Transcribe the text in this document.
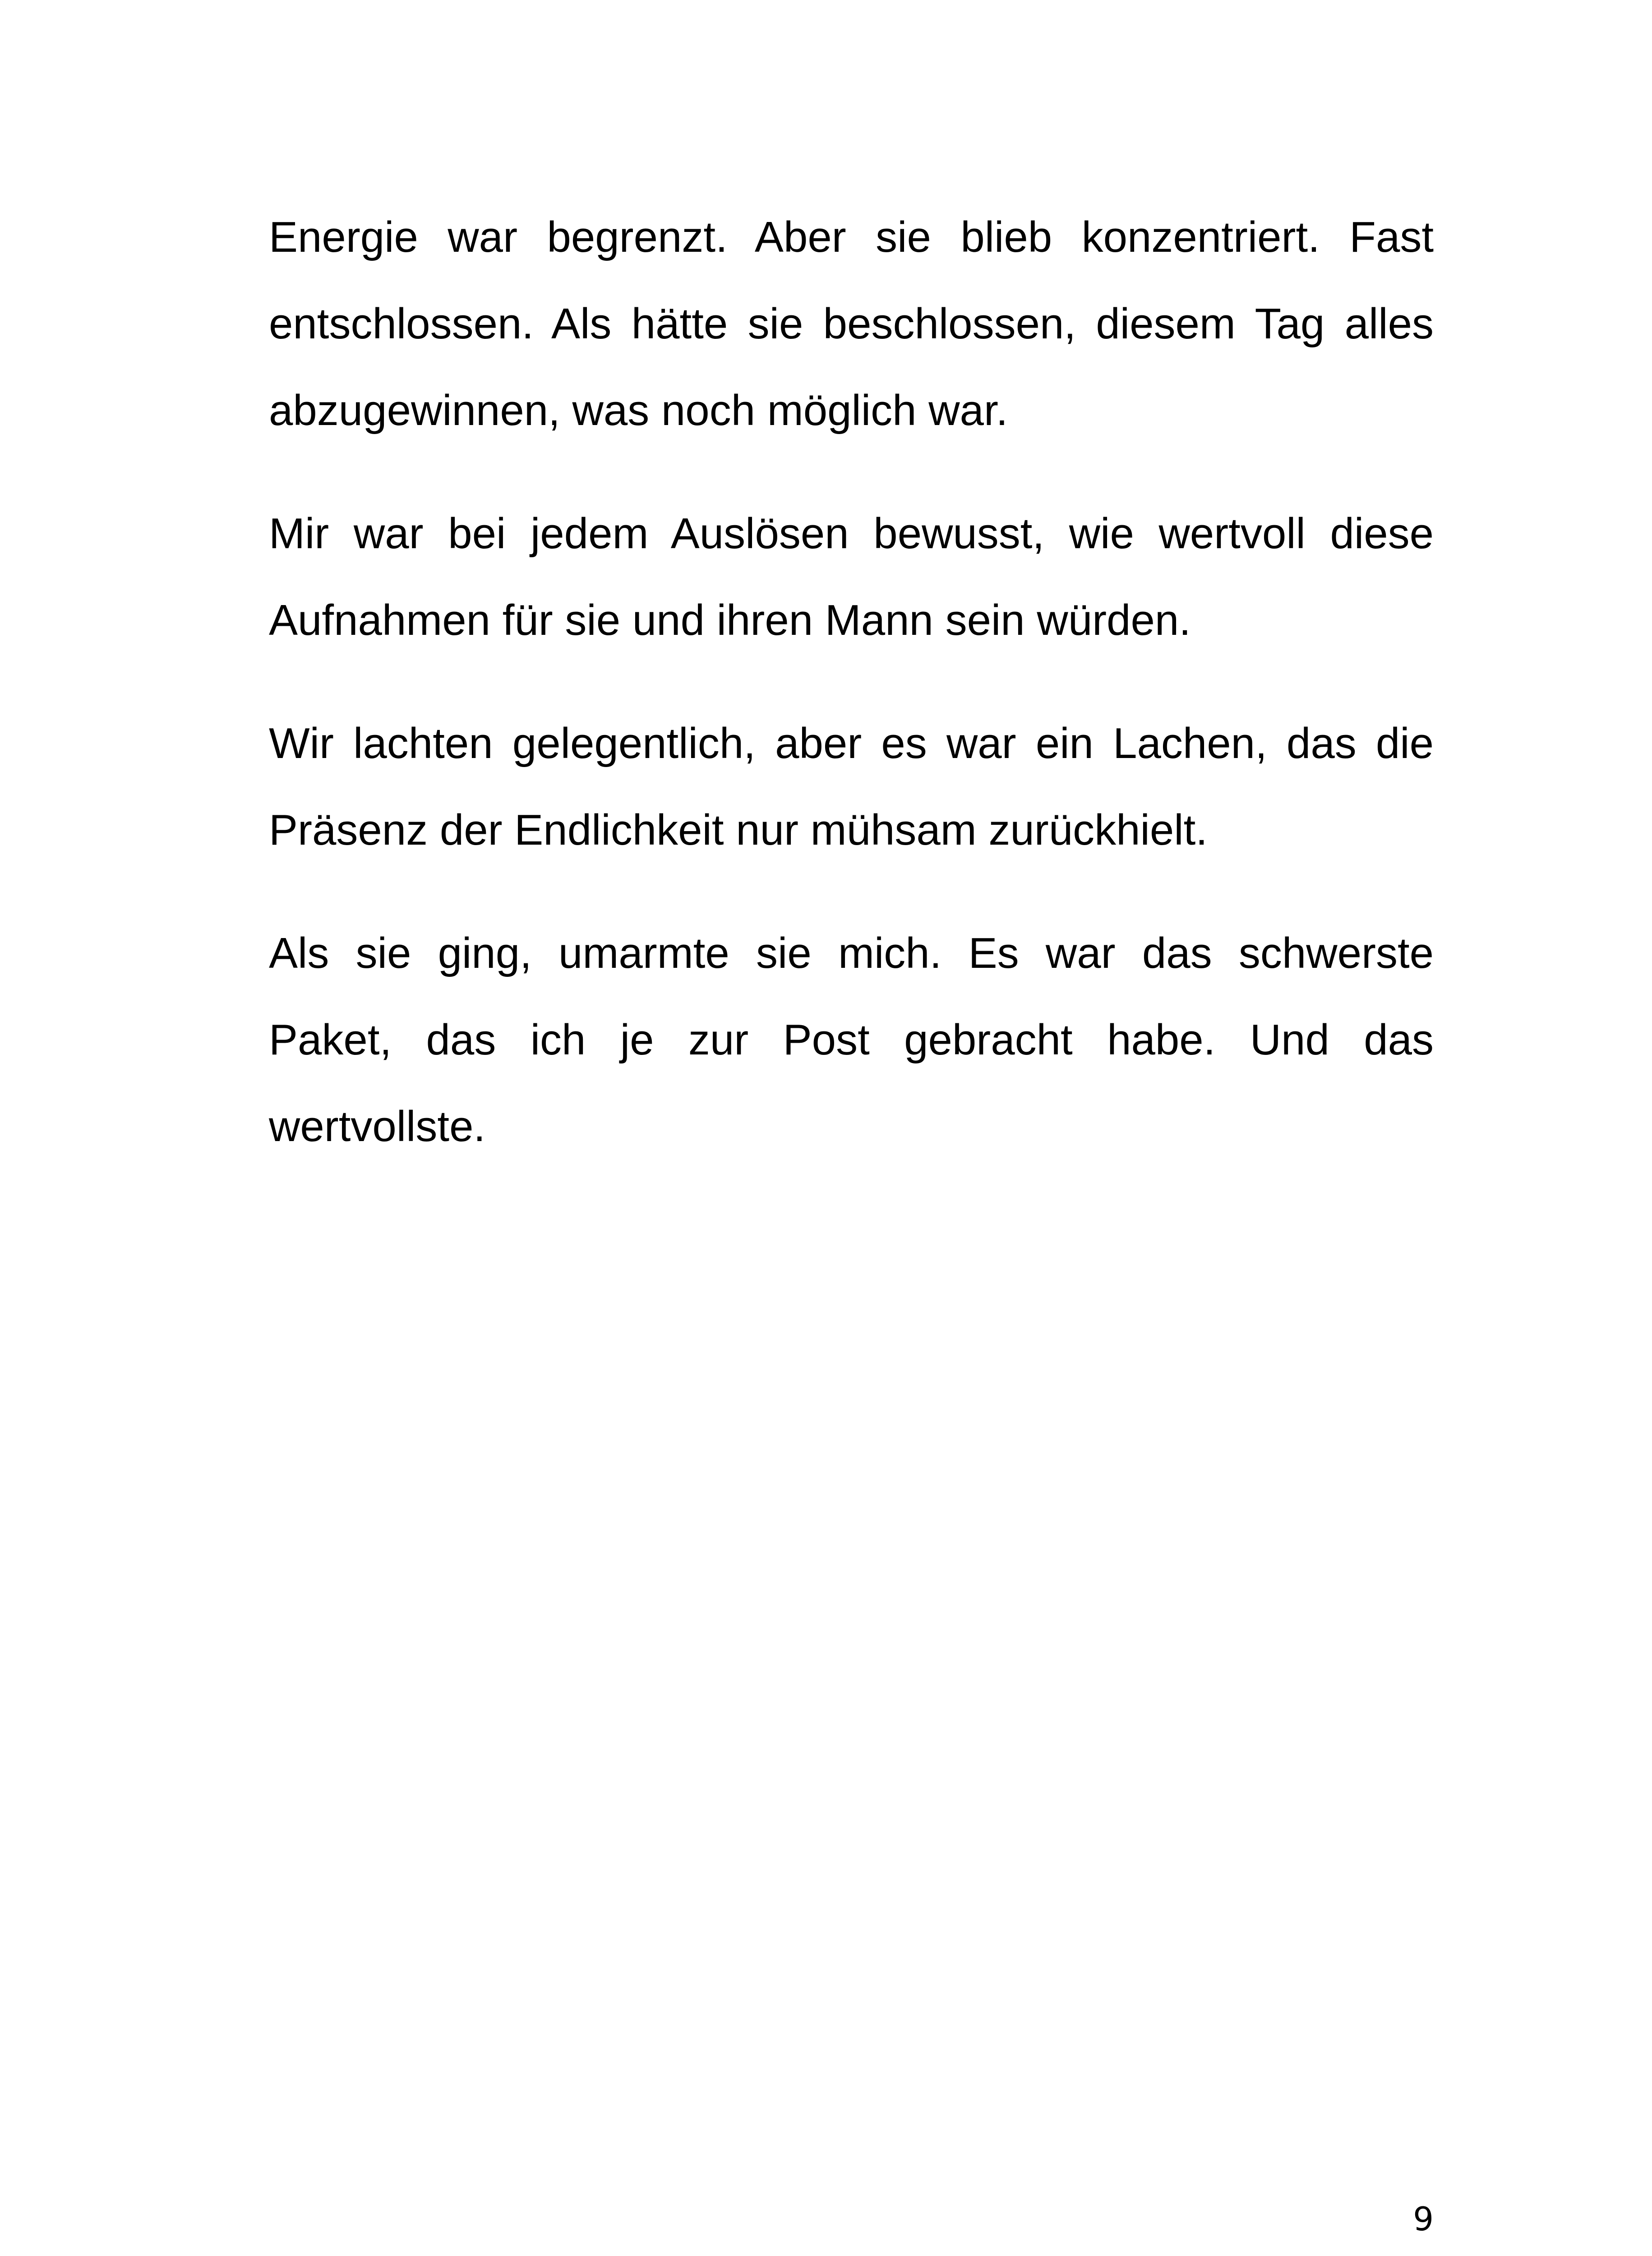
Energie war begrenzt. Aber sie blieb konzentriert. Fast entschlossen. Als hätte sie beschlossen, diesem Tag alles abzugewinnen, was noch möglich war.

Mir war bei jedem Auslösen bewusst, wie wertvoll diese Aufnahmen für sie und ihren Mann sein würden.

Wir lachten gelegentlich, aber es war ein Lachen, das die Präsenz der Endlichkeit nur mühsam zurückhielt.

Als sie ging, umarmte sie mich. Es war das schwerste Paket, das ich je zur Post gebracht habe. Und das wertvollste.

9
